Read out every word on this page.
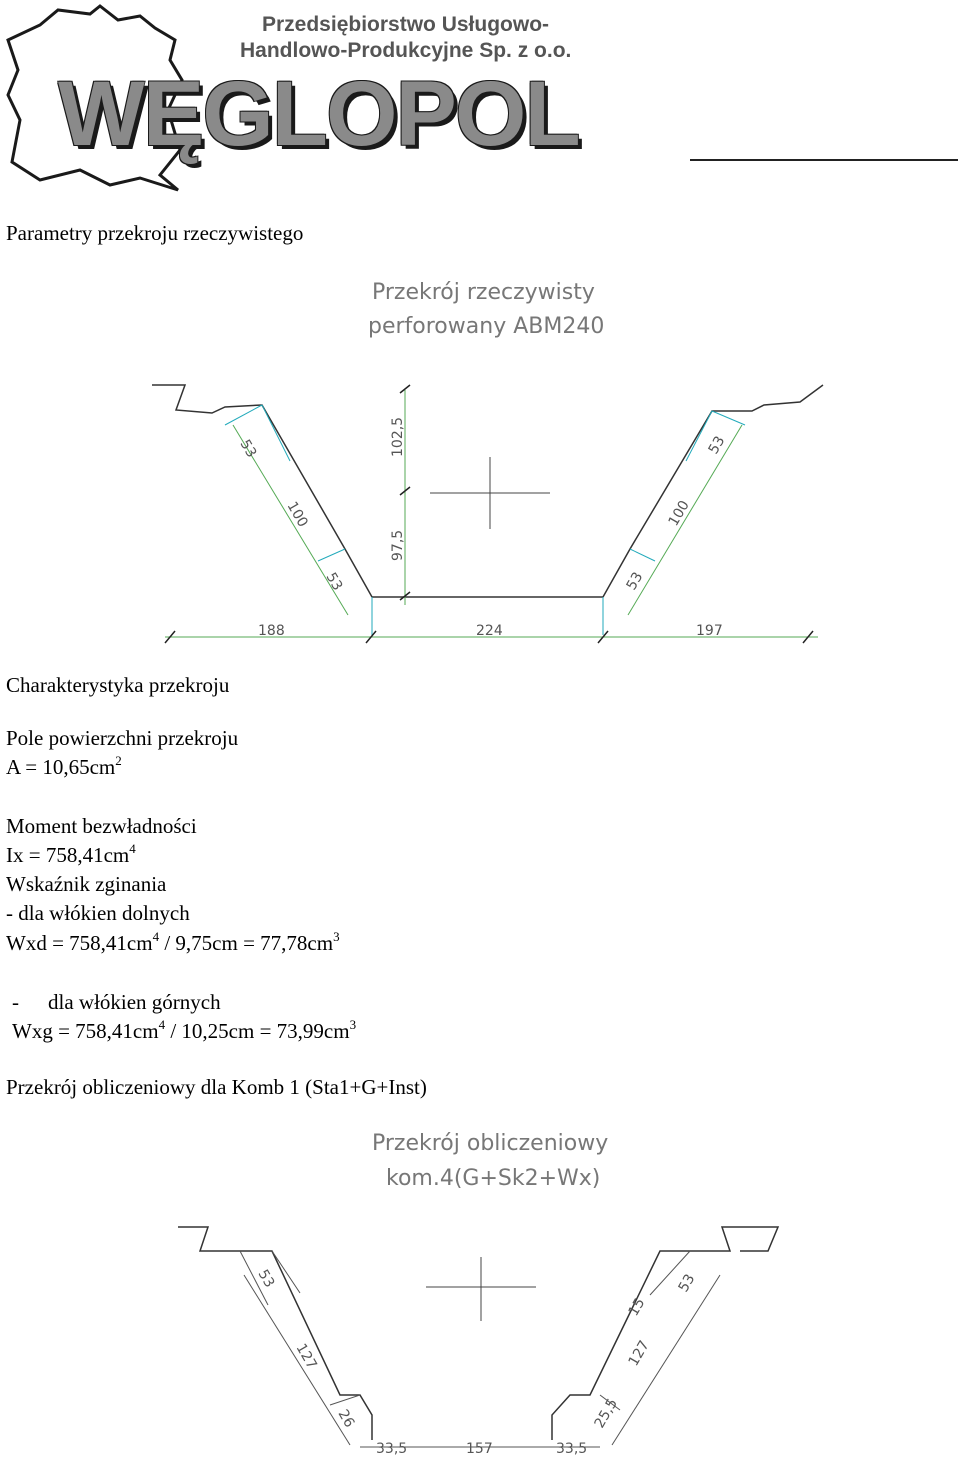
Przedsiębiorstwo Usługowo-
Handlowo-Produkcyjne Sp. z o.o.
WĘGLOPOL
Parametry przekroju rzeczywistego
Przekrój rzeczywisty
perforowany ABM240
53
100
53
102,5
97,5
53
100
53
188	224	197
Charakterystyka przekroju
Pole powierzchni przekroju
$A = 10,65cm^2$
Moment bezwładności
$Ix = 758,41cm^4$
Wskaźnik zginania
- dla włókien dolnych
Wxd = $758,41cm^4 / 9,75cm = 77,78cm^3$
- dla włókien górnych
Wxg = $758,41cm^4 / 10,25cm = 73,99cm^3$
Przekrój obliczeniowy dla Komb 1 (Sta1+G+Inst)
Przekrój obliczeniowy
kom.4(G+Sk2+Wx)
53
127
26
53
15
127
25,5
33,5	157	33,5
